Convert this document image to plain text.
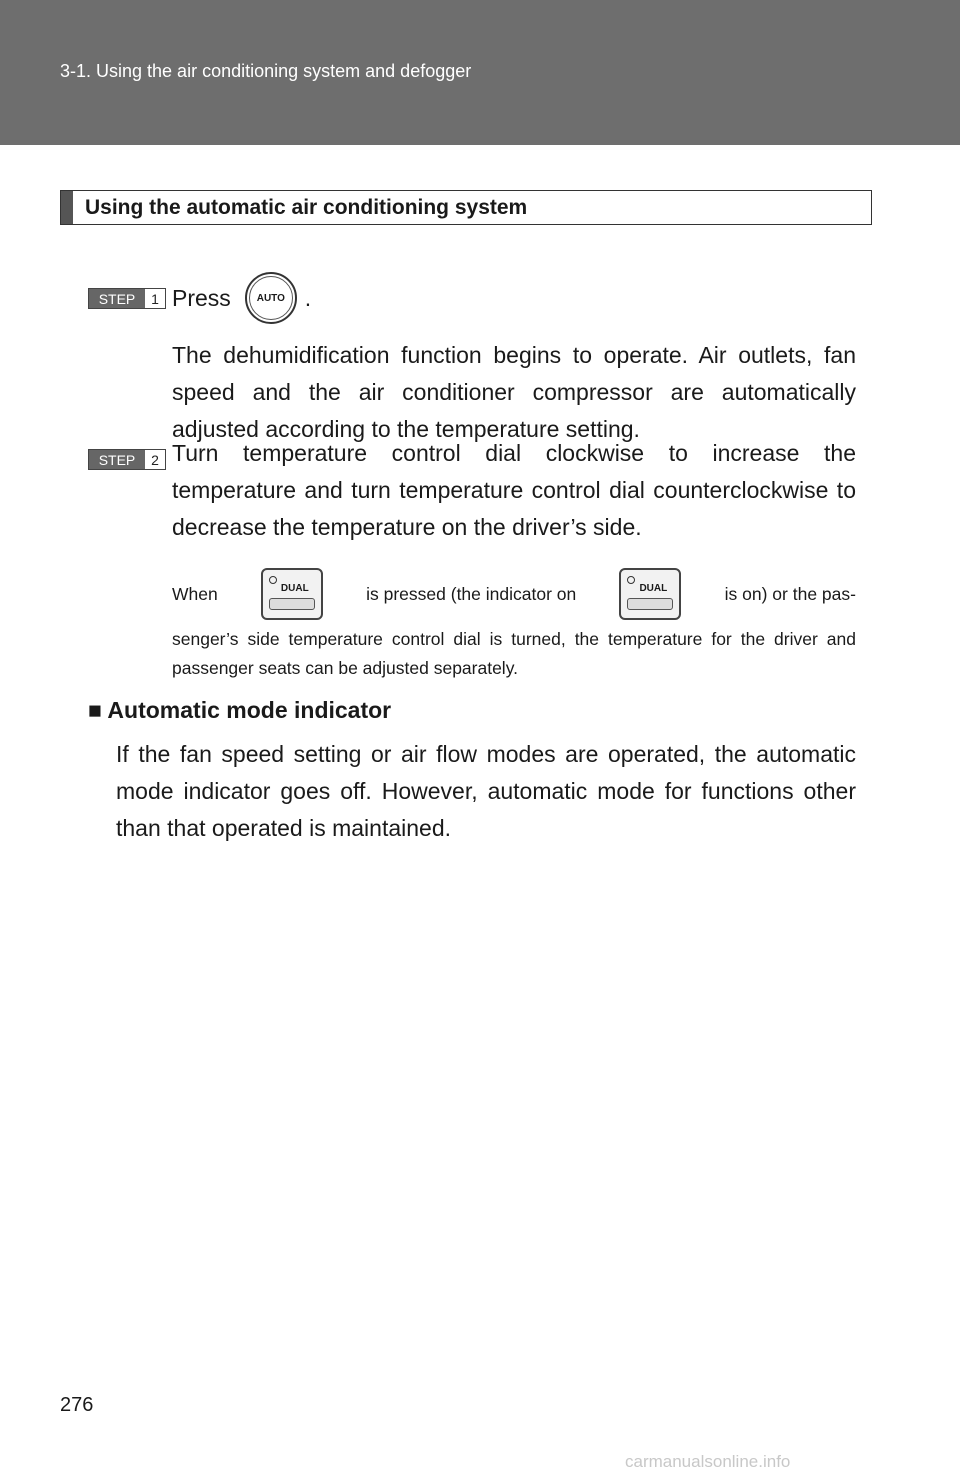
3-1. Using the air conditioning system and defogger
Using the automatic air conditioning system
STEP	1 Press	AUTO .
The dehumidification function begins to operate. Air outlets, fan speed and the air conditioner compressor are automatically adjusted according to the temperature setting.
STEP	2 Turn temperature control dial clockwise to increase the temperature and turn temperature control dial counterclockwise to decrease the temperature on the driver’s side.
When	DUAL	is pressed (the indicator on	DUAL	is on) or the pas-
senger’s side temperature control dial is turned, the temperature for the driver and passenger seats can be adjusted separately.
■ Automatic mode indicator
If the fan speed setting or air flow modes are operated, the automatic mode indicator goes off. However, automatic mode for functions other than that operated is maintained.
276
carmanualsonline.info
